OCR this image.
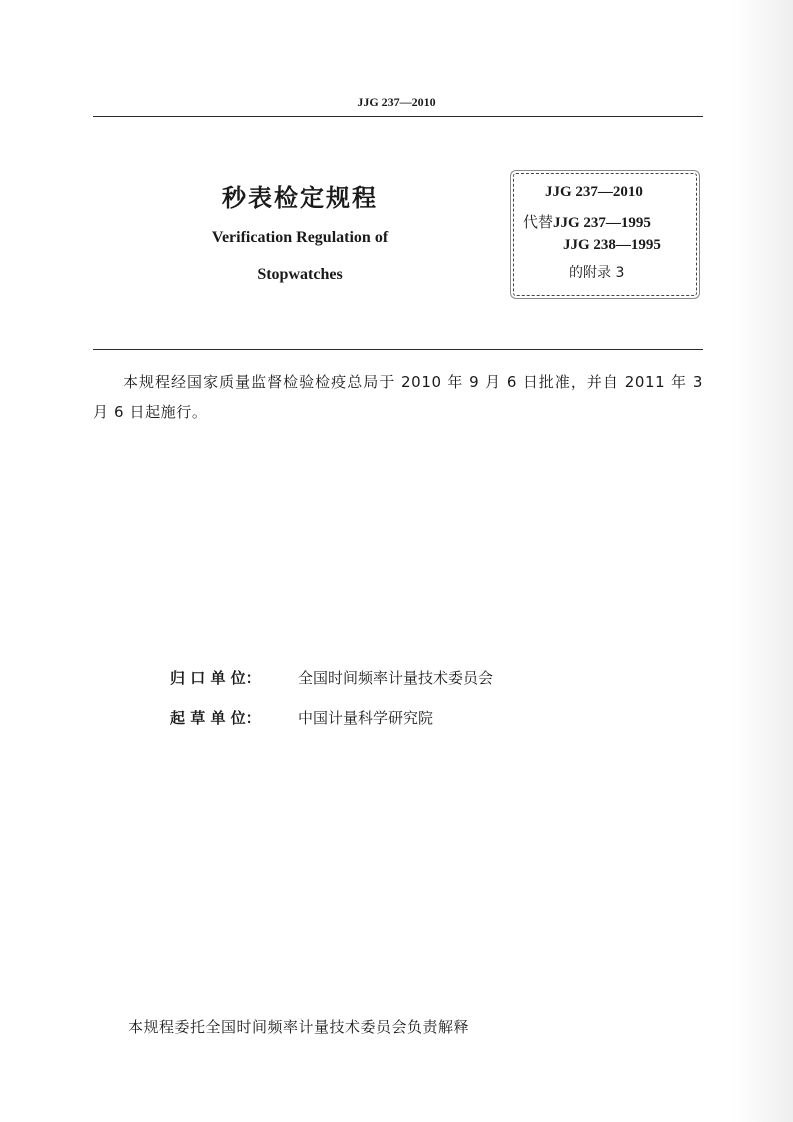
JJG 237—2010
秒表检定规程
Verification Regulation of
Stopwatches
JJG 237—2010
代替JJG 237—1995
JJG 238—1995
的附录 3
本规程经国家质量监督检验检疫总局于 2010 年 9 月 6 日批准，并自 2011 年 3 月 6 日起施行。
归 口 单 位： 全国时间频率计量技术委员会
起 草 单 位： 中国计量科学研究院
本规程委托全国时间频率计量技术委员会负责解释
